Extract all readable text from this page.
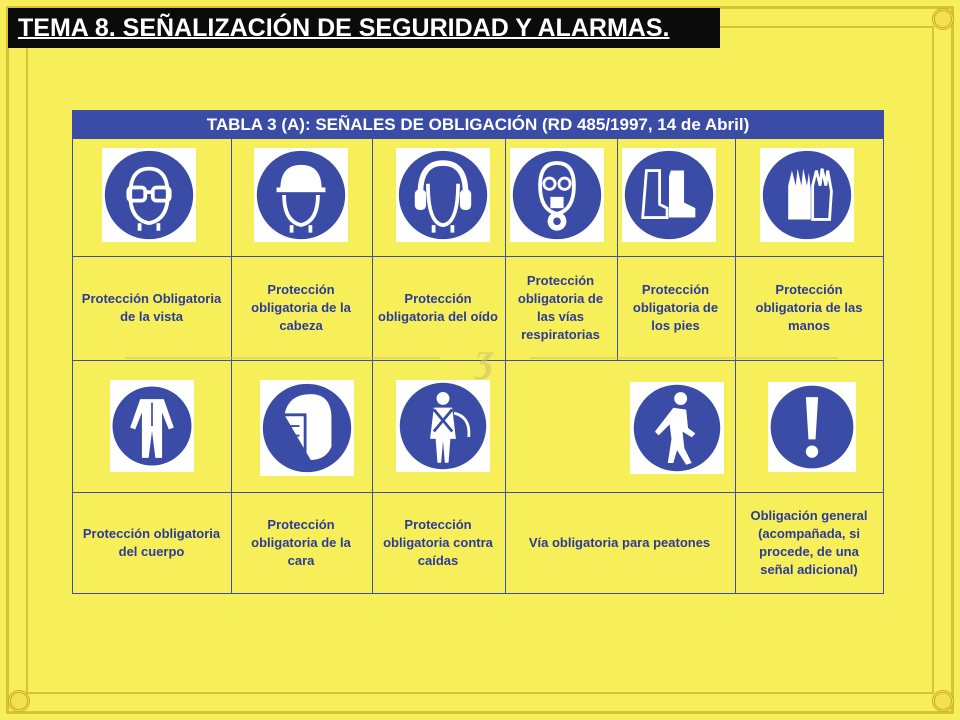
TEMA 8. SEÑALIZACIÓN DE SEGURIDAD Y ALARMAS.
TABLA 3 (A): SEÑALES DE OBLIGACIÓN (RD 485/1997, 14 de Abril)
ʒ
Protección Obligatoria de la vista
Protección obligatoria de la cabeza
Protección obligatoria del oído
Protección obligatoria de las vías respiratorias
Protección obligatoria de los pies
Protección obligatoria de las manos
Protección obligatoria del cuerpo
Protección obligatoria de la cara
Protección obligatoria contra caídas
Vía obligatoria para peatones
Obligación general (acompañada, si procede, de una señal adicional)
